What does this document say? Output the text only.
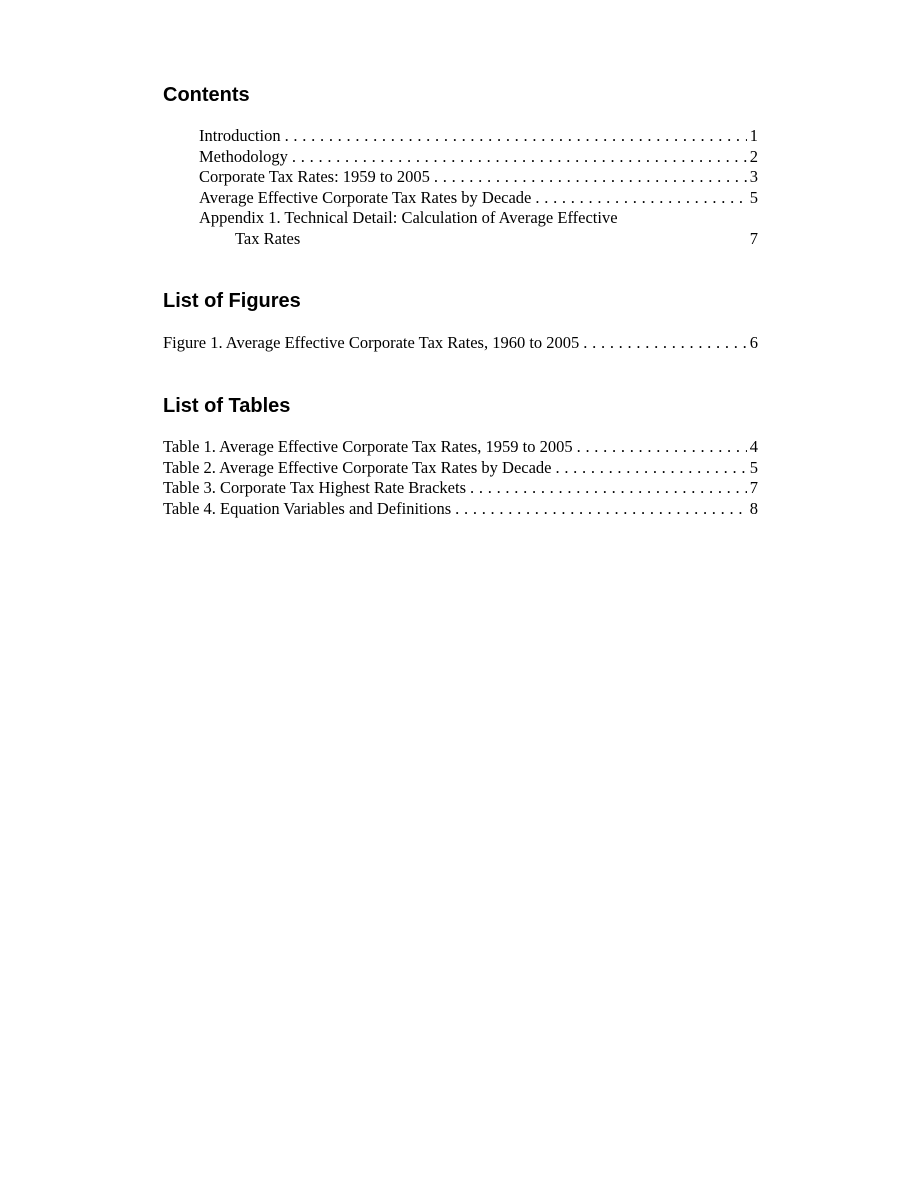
Contents
Introduction . . .	1
Methodology . . .	2
Corporate Tax Rates: 1959 to 2005 . . .	3
Average Effective Corporate Tax Rates by Decade . . .	5
Appendix 1. Technical Detail: Calculation of Average Effective
Tax Rates	7
List of Figures
Figure 1. Average Effective Corporate Tax Rates, 1960 to 2005 . . .	6
List of Tables
Table 1. Average Effective Corporate Tax Rates, 1959 to 2005 . . .	4
Table 2. Average Effective Corporate Tax Rates by Decade . . .	5
Table 3. Corporate Tax Highest Rate Brackets . . .	7
Table 4. Equation Variables and Definitions . . .	8
